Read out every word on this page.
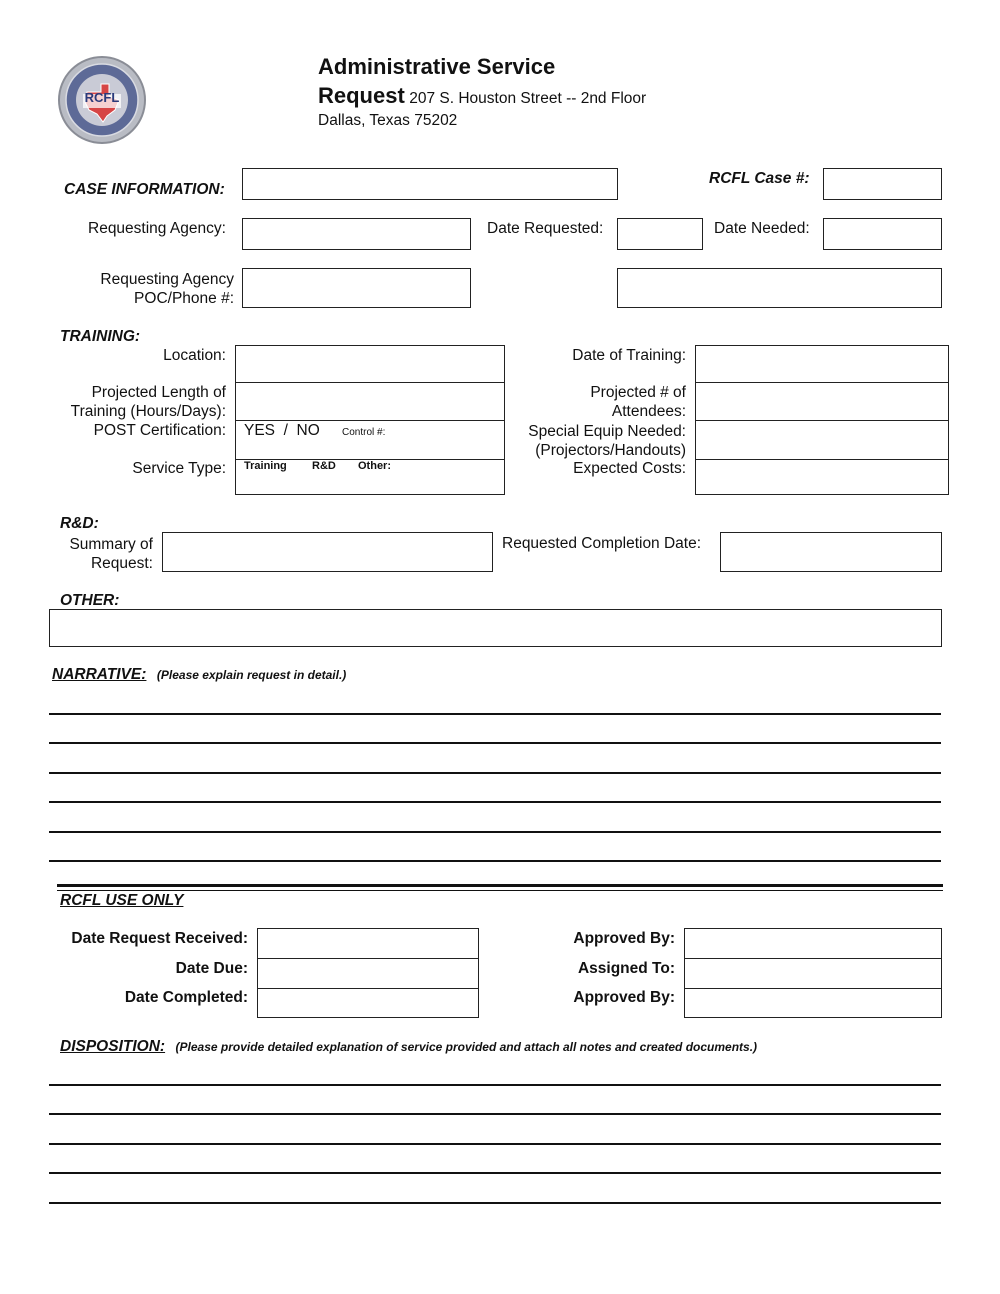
RCFL
Administrative Service
Request 207 S. Houston Street -- 2nd Floor
Dallas, Texas 75202
CASE INFORMATION:
RCFL Case #:
Requesting Agency:	Date Requested:	Date Needed:
Requesting Agency
POC/Phone #:
TRAINING:
Location:
Projected Length of
Training (Hours/Days):
POST Certification:
Service Type:
YES  /  NO Control #:
Training R&D Other:
Date of Training:
Projected # of
Attendees:
Special Equip Needed:
(Projectors/Handouts)
Expected Costs:
R&D:
Summary of
Request:
Requested Completion Date:
OTHER:
NARRATIVE: (Please explain request in detail.)
RCFL USE ONLY
Date Request Received:
Date Due:
Date Completed:
Approved By:
Assigned To:
Approved By:
DISPOSITION: (Please provide detailed explanation of service provided and attach all notes and created documents.)
